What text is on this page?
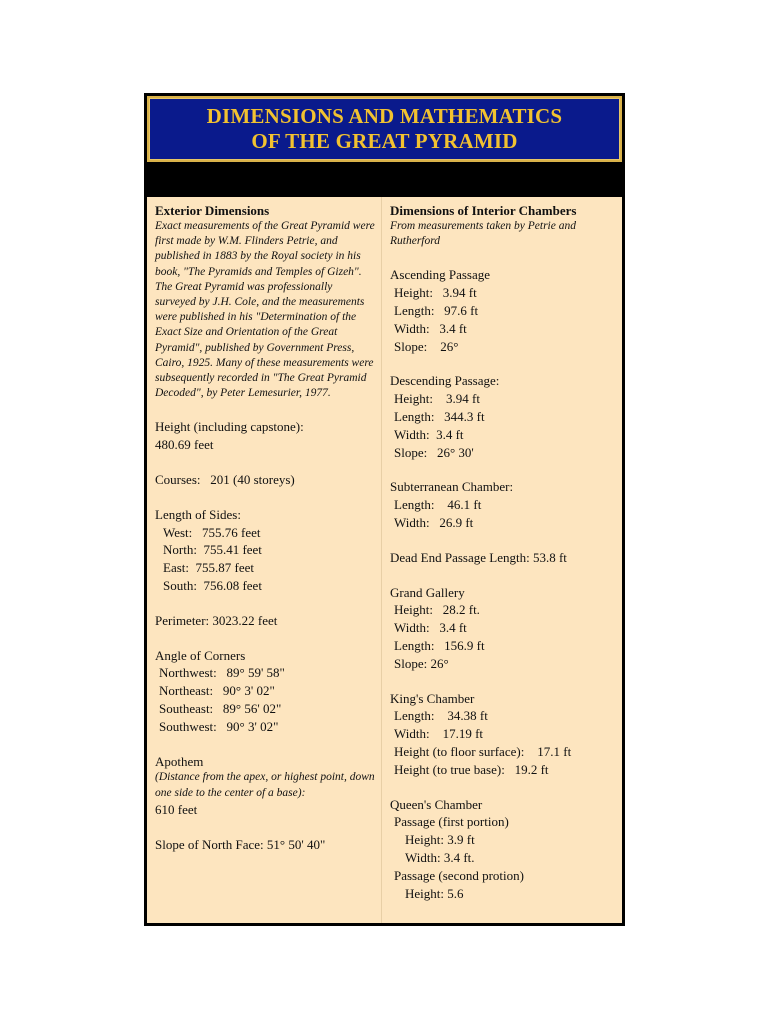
DIMENSIONS AND MATHEMATICS
OF THE GREAT PYRAMID

Exterior Dimensions

Exact measurements of the Great Pyramid were first made by W.M. Flinders Petrie, and published in 1883 by the Royal society in his book, "The Pyramids and Temples of Gizeh". The Great Pyramid was professionally surveyed by J.H. Cole, and the measurements were published in his "Determination of the Exact Size and Orientation of the Great Pyramid", published by Government Press, Cairo, 1925. Many of these measurements were subsequently recorded in "The Great Pyramid Decoded", by Peter Lemesurier, 1977.

Height (including capstone):

480.69 feet

Courses:   201 (40 storeys)

Length of Sides:

West:   755.76 feet

North:  755.41 feet

East:  755.87 feet

South:  756.08 feet

Perimeter: 3023.22 feet

Angle of Corners

Northwest:   89° 59' 58"

Northeast:   90° 3' 02"

Southeast:   89° 56' 02"

Southwest:   90° 3' 02"

Apothem

(Distance from the apex, or highest point, down one side to the center of a base):

610 feet

Slope of North Face: 51° 50' 40"

Dimensions of Interior Chambers

From measurements taken by Petrie and Rutherford

Ascending Passage

Height:   3.94 ft

Length:   97.6 ft

Width:   3.4 ft

Slope:    26°

Descending Passage:

Height:    3.94 ft

Length:   344.3 ft

Width:  3.4 ft

Slope:   26° 30'

Subterranean Chamber:

Length:    46.1 ft

Width:   26.9 ft

Dead End Passage Length: 53.8 ft

Grand Gallery

Height:   28.2 ft.

Width:   3.4 ft

Length:   156.9 ft

Slope: 26°

King's Chamber

Length:    34.38 ft

Width:    17.19 ft

Height (to floor surface):    17.1 ft

Height (to true base):   19.2 ft

Queen's Chamber

Passage (first portion)

Height: 3.9 ft

Width: 3.4 ft.

Passage (second protion)

Height: 5.6
